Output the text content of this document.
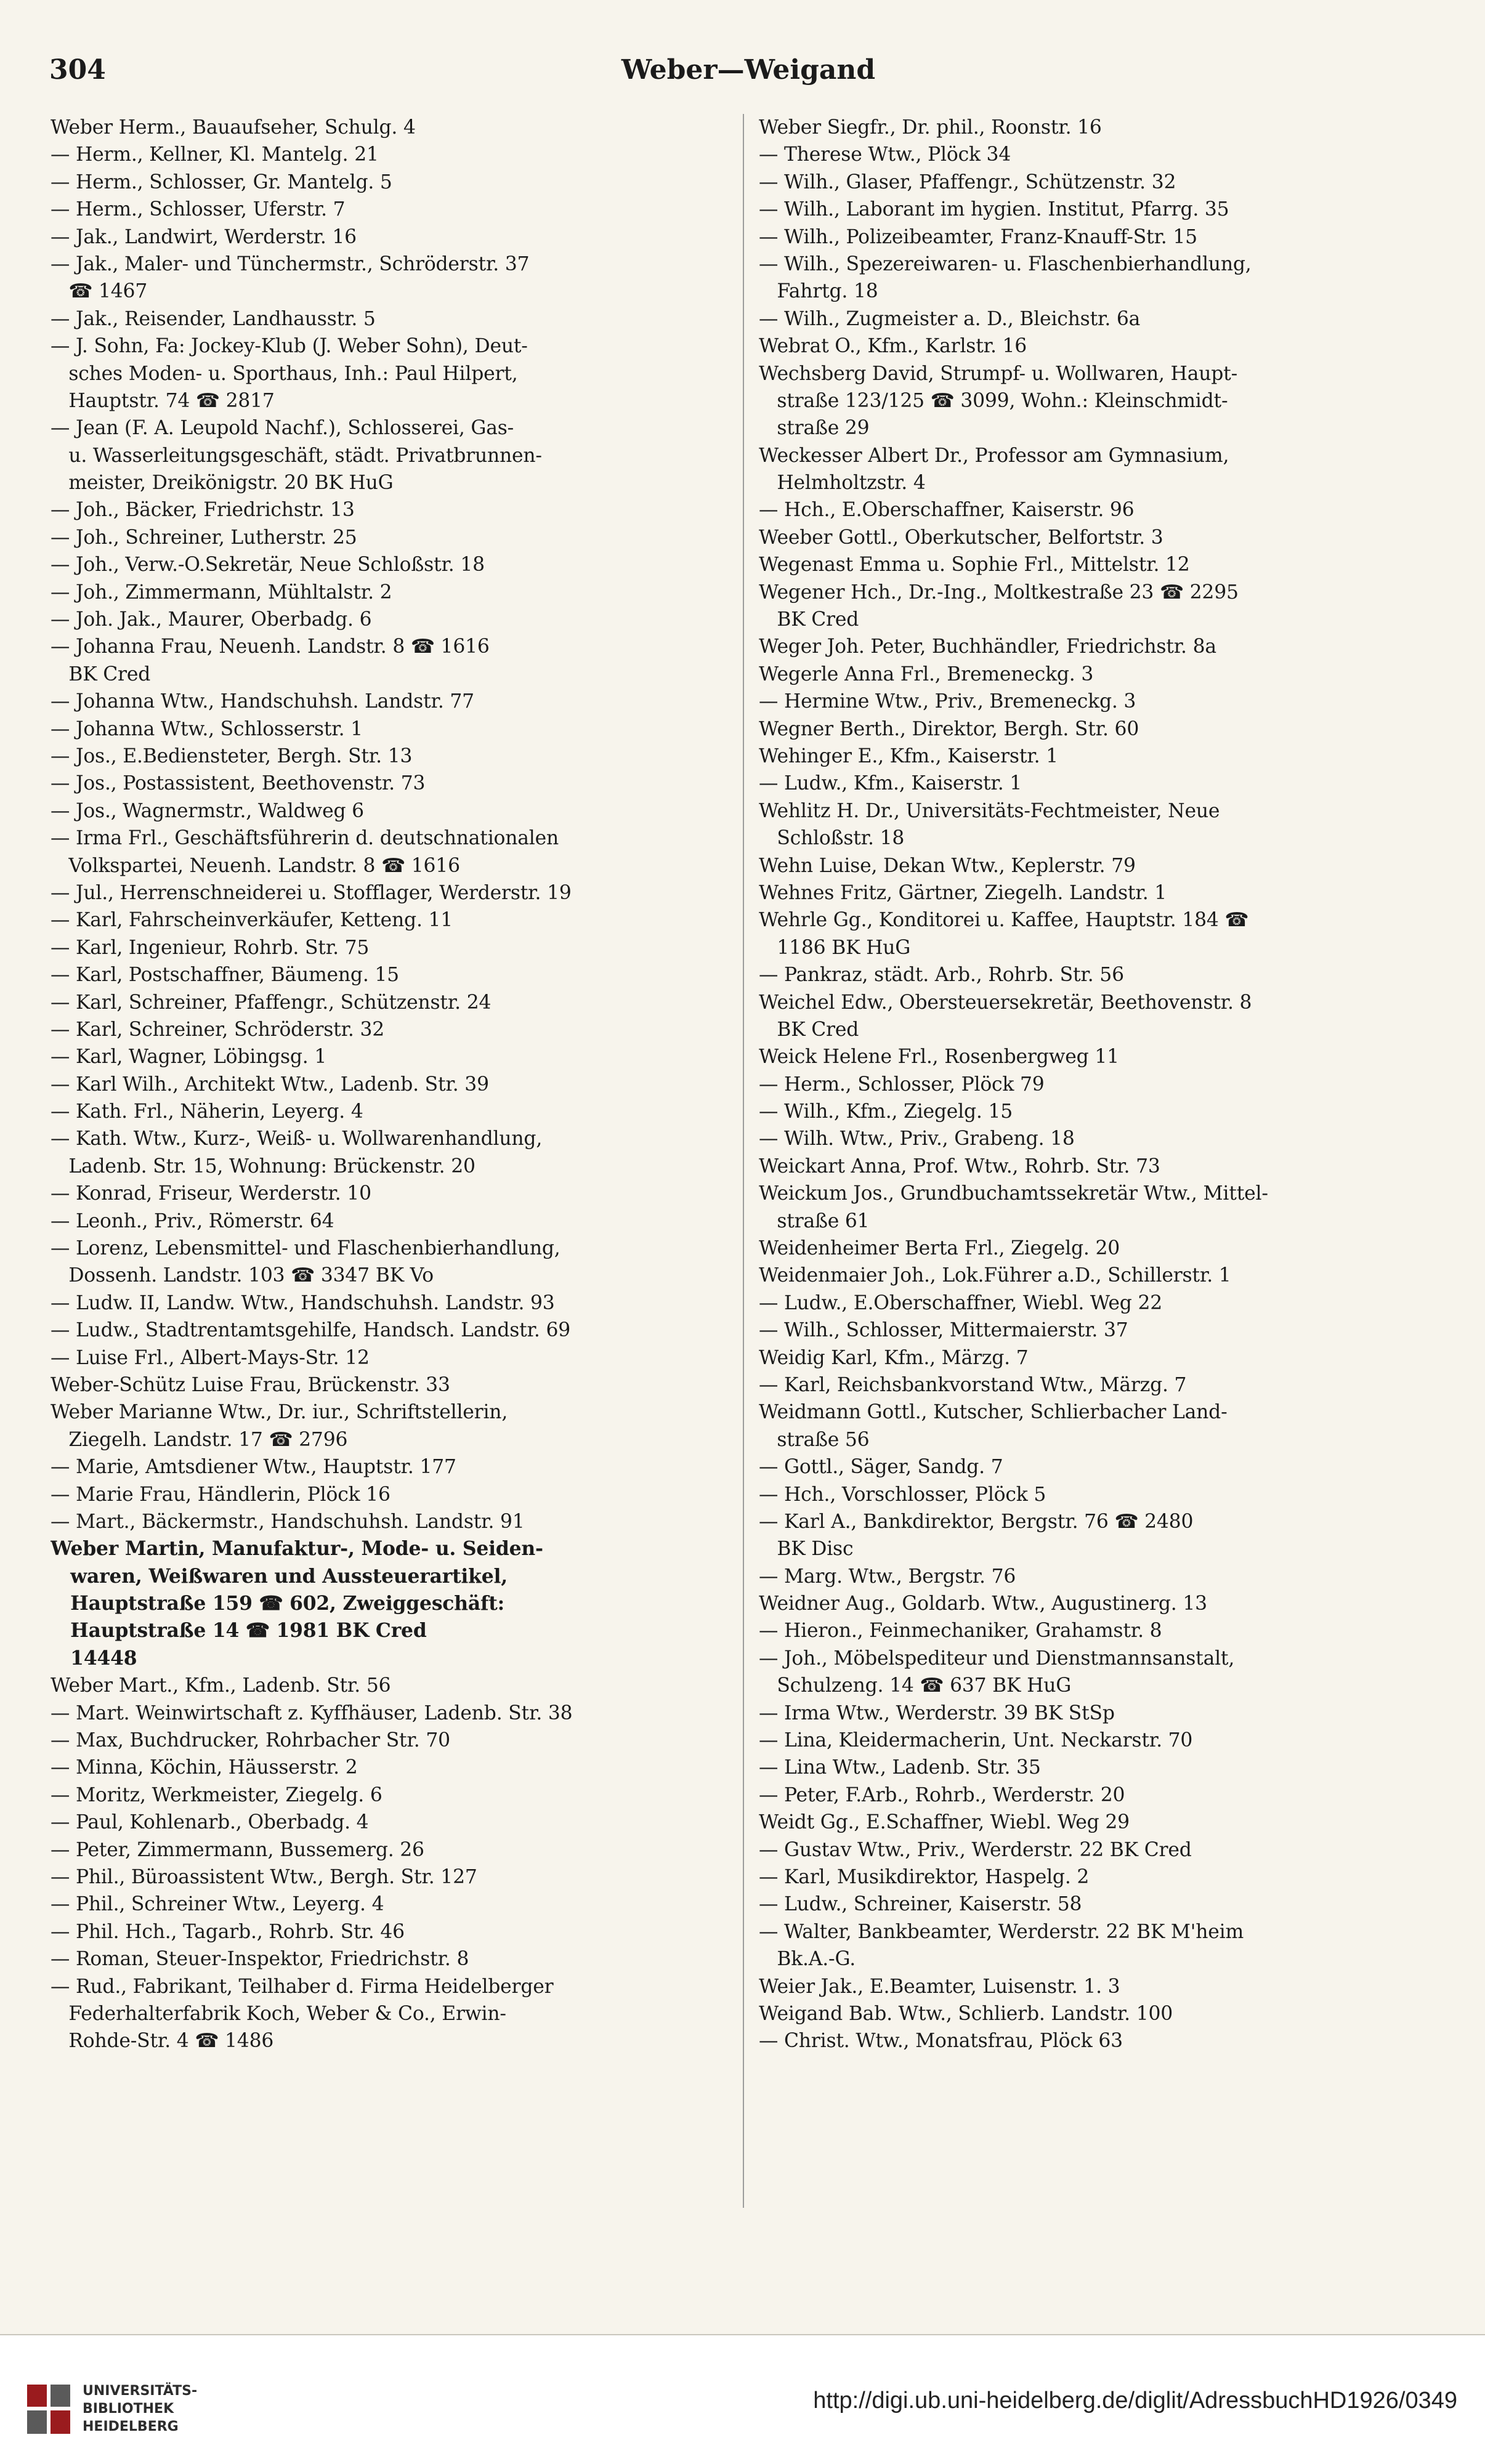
304	Weber—Weigand
Weber Herm., Bauaufseher, Schulg. 4
— Herm., Kellner, Kl. Mantelg. 21
— Herm., Schlosser, Gr. Mantelg. 5
— Herm., Schlosser, Uferstr. 7
— Jak., Landwirt, Werderstr. 16
— Jak., Maler- und Tünchermstr., Schröderstr. 37
☎ 1467
— Jak., Reisender, Landhausstr. 5
— J. Sohn, Fa: Jockey-Klub (J. Weber Sohn), Deut-
sches Moden- u. Sporthaus, Inh.: Paul Hilpert,
Hauptstr. 74 ☎ 2817
— Jean (F. A. Leupold Nachf.), Schlosserei, Gas-
u. Wasserleitungsgeschäft, städt. Privatbrunnen-
meister, Dreikönigstr. 20 BK HuG
— Joh., Bäcker, Friedrichstr. 13
— Joh., Schreiner, Lutherstr. 25
— Joh., Verw.-O.Sekretär, Neue Schloßstr. 18
— Joh., Zimmermann, Mühltalstr. 2
— Joh. Jak., Maurer, Oberbadg. 6
— Johanna Frau, Neuenh. Landstr. 8 ☎ 1616
BK Cred
— Johanna Wtw., Handschuhsh. Landstr. 77
— Johanna Wtw., Schlosserstr. 1
— Jos., E.Bediensteter, Bergh. Str. 13
— Jos., Postassistent, Beethovenstr. 73
— Jos., Wagnermstr., Waldweg 6
— Irma Frl., Geschäftsführerin d. deutschnationalen
Volkspartei, Neuenh. Landstr. 8 ☎ 1616
— Jul., Herrenschneiderei u. Stofflager, Werderstr. 19
— Karl, Fahrscheinverkäufer, Ketteng. 11
— Karl, Ingenieur, Rohrb. Str. 75
— Karl, Postschaffner, Bäumeng. 15
— Karl, Schreiner, Pfaffengr., Schützenstr. 24
— Karl, Schreiner, Schröderstr. 32
— Karl, Wagner, Löbingsg. 1
— Karl Wilh., Architekt Wtw., Ladenb. Str. 39
— Kath. Frl., Näherin, Leyerg. 4
— Kath. Wtw., Kurz-, Weiß- u. Wollwarenhandlung,
Ladenb. Str. 15, Wohnung: Brückenstr. 20
— Konrad, Friseur, Werderstr. 10
— Leonh., Priv., Römerstr. 64
— Lorenz, Lebensmittel- und Flaschenbierhandlung,
Dossenh. Landstr. 103 ☎ 3347 BK Vo
— Ludw. II, Landw. Wtw., Handschuhsh. Landstr. 93
— Ludw., Stadtrentamtsgehilfe, Handsch. Landstr. 69
— Luise Frl., Albert-Mays-Str. 12
Weber-Schütz Luise Frau, Brückenstr. 33
Weber Marianne Wtw., Dr. iur., Schriftstellerin,
Ziegelh. Landstr. 17 ☎ 2796
— Marie, Amtsdiener Wtw., Hauptstr. 177
— Marie Frau, Händlerin, Plöck 16
— Mart., Bäckermstr., Handschuhsh. Landstr. 91
Weber Martin, Manufaktur-, Mode- u. Seiden-
waren, Weißwaren und Aussteuerartikel,
Hauptstraße 159 ☎ 602, Zweiggeschäft:
Hauptstraße 14 ☎ 1981 BK Cred
14448
Weber Mart., Kfm., Ladenb. Str. 56
— Mart. Weinwirtschaft z. Kyffhäuser, Ladenb. Str. 38
— Max, Buchdrucker, Rohrbacher Str. 70
— Minna, Köchin, Häusserstr. 2
— Moritz, Werkmeister, Ziegelg. 6
— Paul, Kohlenarb., Oberbadg. 4
— Peter, Zimmermann, Bussemerg. 26
— Phil., Büroassistent Wtw., Bergh. Str. 127
— Phil., Schreiner Wtw., Leyerg. 4
— Phil. Hch., Tagarb., Rohrb. Str. 46
— Roman, Steuer-Inspektor, Friedrichstr. 8
— Rud., Fabrikant, Teilhaber d. Firma Heidelberger
Federhalterfabrik Koch, Weber & Co., Erwin-
Rohde-Str. 4 ☎ 1486
Weber Siegfr., Dr. phil., Roonstr. 16
— Therese Wtw., Plöck 34
— Wilh., Glaser, Pfaffengr., Schützenstr. 32
— Wilh., Laborant im hygien. Institut, Pfarrg. 35
— Wilh., Polizeibeamter, Franz-Knauff-Str. 15
— Wilh., Spezereiwaren- u. Flaschenbierhandlung,
Fahrtg. 18
— Wilh., Zugmeister a. D., Bleichstr. 6a
Webrat O., Kfm., Karlstr. 16
Wechsberg David, Strumpf- u. Wollwaren, Haupt-
straße 123/125 ☎ 3099, Wohn.: Kleinschmidt-
straße 29
Weckesser Albert Dr., Professor am Gymnasium,
Helmholtzstr. 4
— Hch., E.Oberschaffner, Kaiserstr. 96
Weeber Gottl., Oberkutscher, Belfortstr. 3
Wegenast Emma u. Sophie Frl., Mittelstr. 12
Wegener Hch., Dr.-Ing., Moltkestraße 23 ☎ 2295
BK Cred
Weger Joh. Peter, Buchhändler, Friedrichstr. 8a
Wegerle Anna Frl., Bremeneckg. 3
— Hermine Wtw., Priv., Bremeneckg. 3
Wegner Berth., Direktor, Bergh. Str. 60
Wehinger E., Kfm., Kaiserstr. 1
— Ludw., Kfm., Kaiserstr. 1
Wehlitz H. Dr., Universitäts-Fechtmeister, Neue
Schloßstr. 18
Wehn Luise, Dekan Wtw., Keplerstr. 79
Wehnes Fritz, Gärtner, Ziegelh. Landstr. 1
Wehrle Gg., Konditorei u. Kaffee, Hauptstr. 184 ☎
1186 BK HuG
— Pankraz, städt. Arb., Rohrb. Str. 56
Weichel Edw., Obersteuersekretär, Beethovenstr. 8
BK Cred
Weick Helene Frl., Rosenbergweg 11
— Herm., Schlosser, Plöck 79
— Wilh., Kfm., Ziegelg. 15
— Wilh. Wtw., Priv., Grabeng. 18
Weickart Anna, Prof. Wtw., Rohrb. Str. 73
Weickum Jos., Grundbuchamtssekretär Wtw., Mittel-
straße 61
Weidenheimer Berta Frl., Ziegelg. 20
Weidenmaier Joh., Lok.Führer a.D., Schillerstr. 1
— Ludw., E.Oberschaffner, Wiebl. Weg 22
— Wilh., Schlosser, Mittermaierstr. 37
Weidig Karl, Kfm., Märzg. 7
— Karl, Reichsbankvorstand Wtw., Märzg. 7
Weidmann Gottl., Kutscher, Schlierbacher Land-
straße 56
— Gottl., Säger, Sandg. 7
— Hch., Vorschlosser, Plöck 5
— Karl A., Bankdirektor, Bergstr. 76 ☎ 2480
BK Disc
— Marg. Wtw., Bergstr. 76
Weidner Aug., Goldarb. Wtw., Augustinerg. 13
— Hieron., Feinmechaniker, Grahamstr. 8
— Joh., Möbelspediteur und Dienstmannsanstalt,
Schulzeng. 14 ☎ 637 BK HuG
— Irma Wtw., Werderstr. 39 BK StSp
— Lina, Kleidermacherin, Unt. Neckarstr. 70
— Lina Wtw., Ladenb. Str. 35
— Peter, F.Arb., Rohrb., Werderstr. 20
Weidt Gg., E.Schaffner, Wiebl. Weg 29
— Gustav Wtw., Priv., Werderstr. 22 BK Cred
— Karl, Musikdirektor, Haspelg. 2
— Ludw., Schreiner, Kaiserstr. 58
— Walter, Bankbeamter, Werderstr. 22 BK M'heim
Bk.A.-G.
Weier Jak., E.Beamter, Luisenstr. 1. 3
Weigand Bab. Wtw., Schlierb. Landstr. 100
— Christ. Wtw., Monatsfrau, Plöck 63
UNIVERSITÄTS-
BIBLIOTHEK
HEIDELBERG
http://digi.ub.uni-heidelberg.de/diglit/AdressbuchHD1926/0349
